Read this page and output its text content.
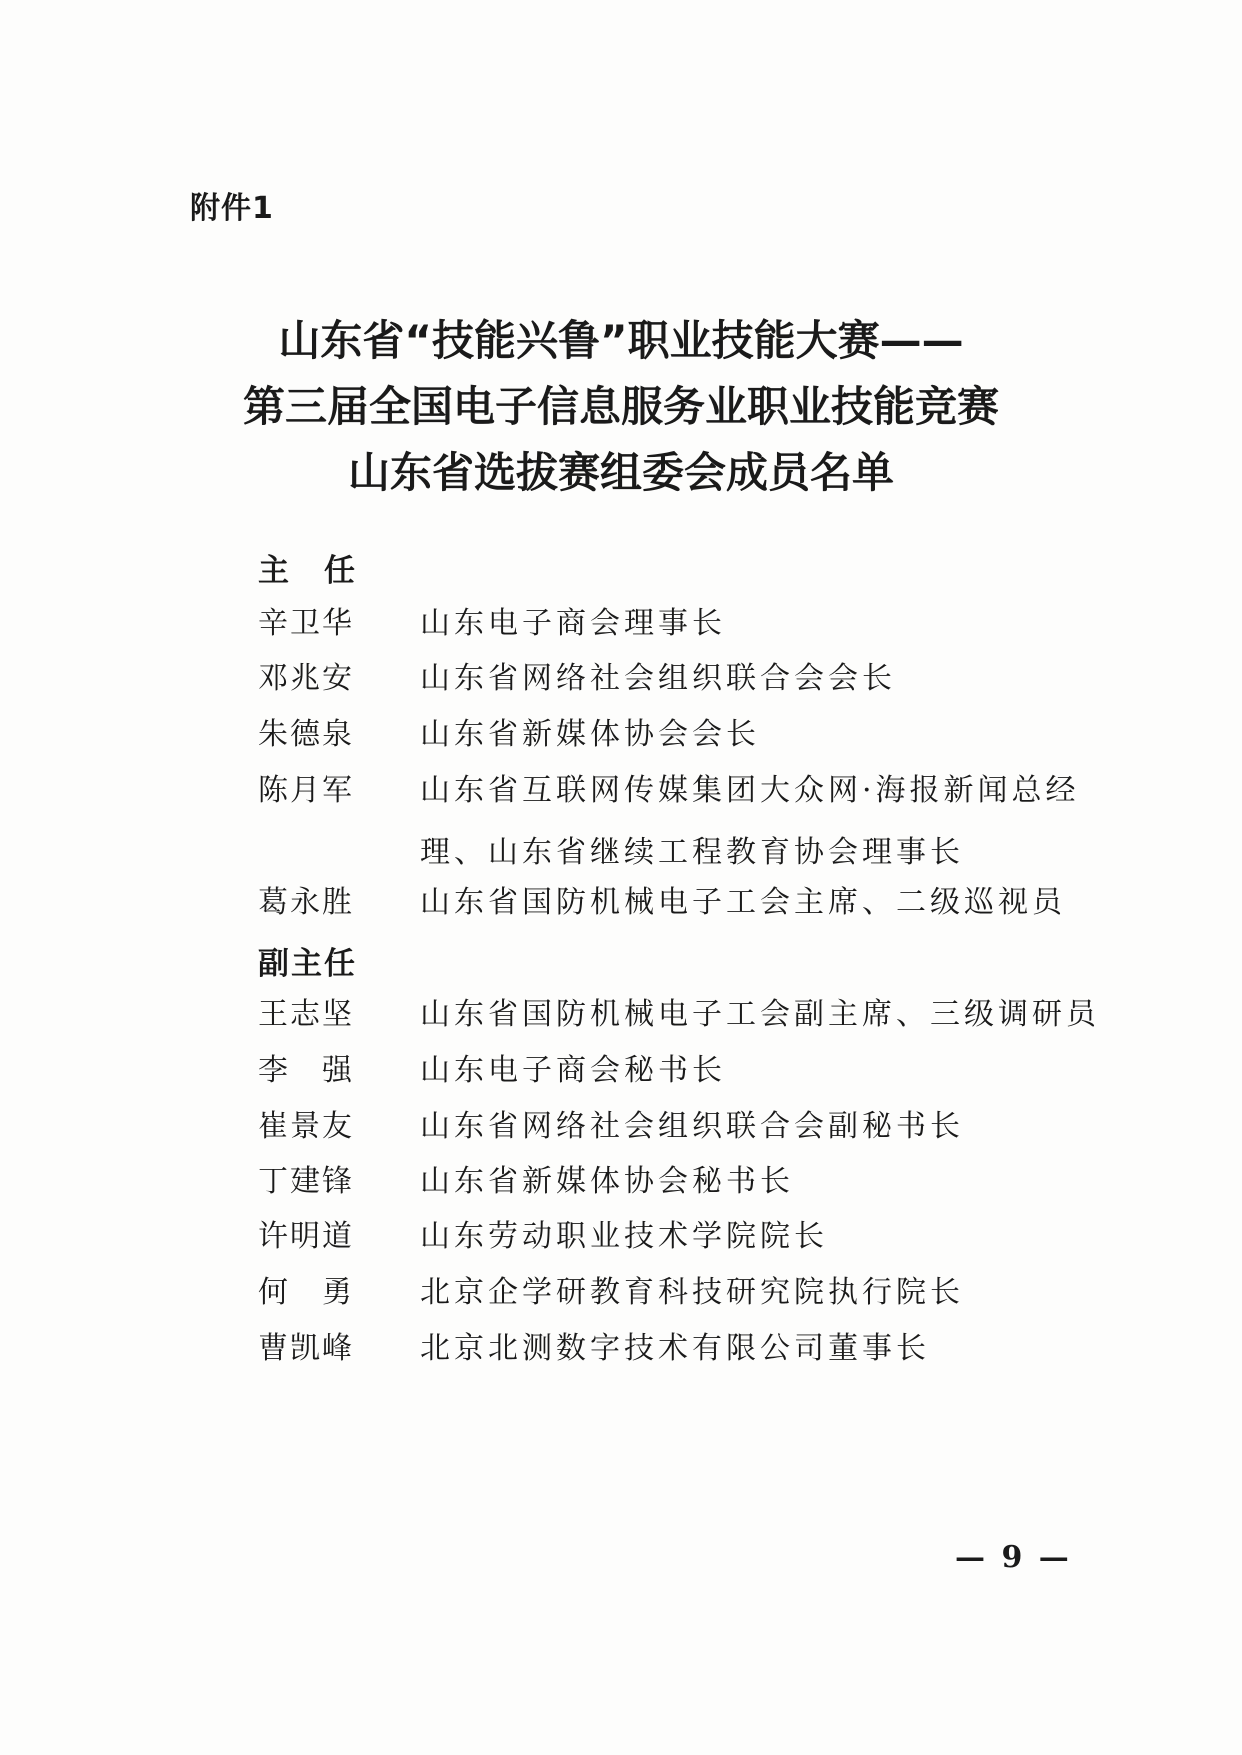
附件1
山东省“技能兴鲁”职业技能大赛——
第三届全国电子信息服务业职业技能竞赛
山东省选拔赛组委会成员名单
主　任
辛卫华	山东电子商会理事长
邓兆安	山东省网络社会组织联合会会长
朱德泉	山东省新媒体协会会长
陈月军	山东省互联网传媒集团大众网·海报新闻总经理、山东省继续工程教育协会理事长
葛永胜	山东省国防机械电子工会主席、二级巡视员
副主任
王志坚	山东省国防机械电子工会副主席、三级调研员
李　强	山东电子商会秘书长
崔景友	山东省网络社会组织联合会副秘书长
丁建锋	山东省新媒体协会秘书长
许明道	山东劳动职业技术学院院长
何　勇	北京企学研教育科技研究院执行院长
曹凯峰	北京北测数字技术有限公司董事长
— 9 —
